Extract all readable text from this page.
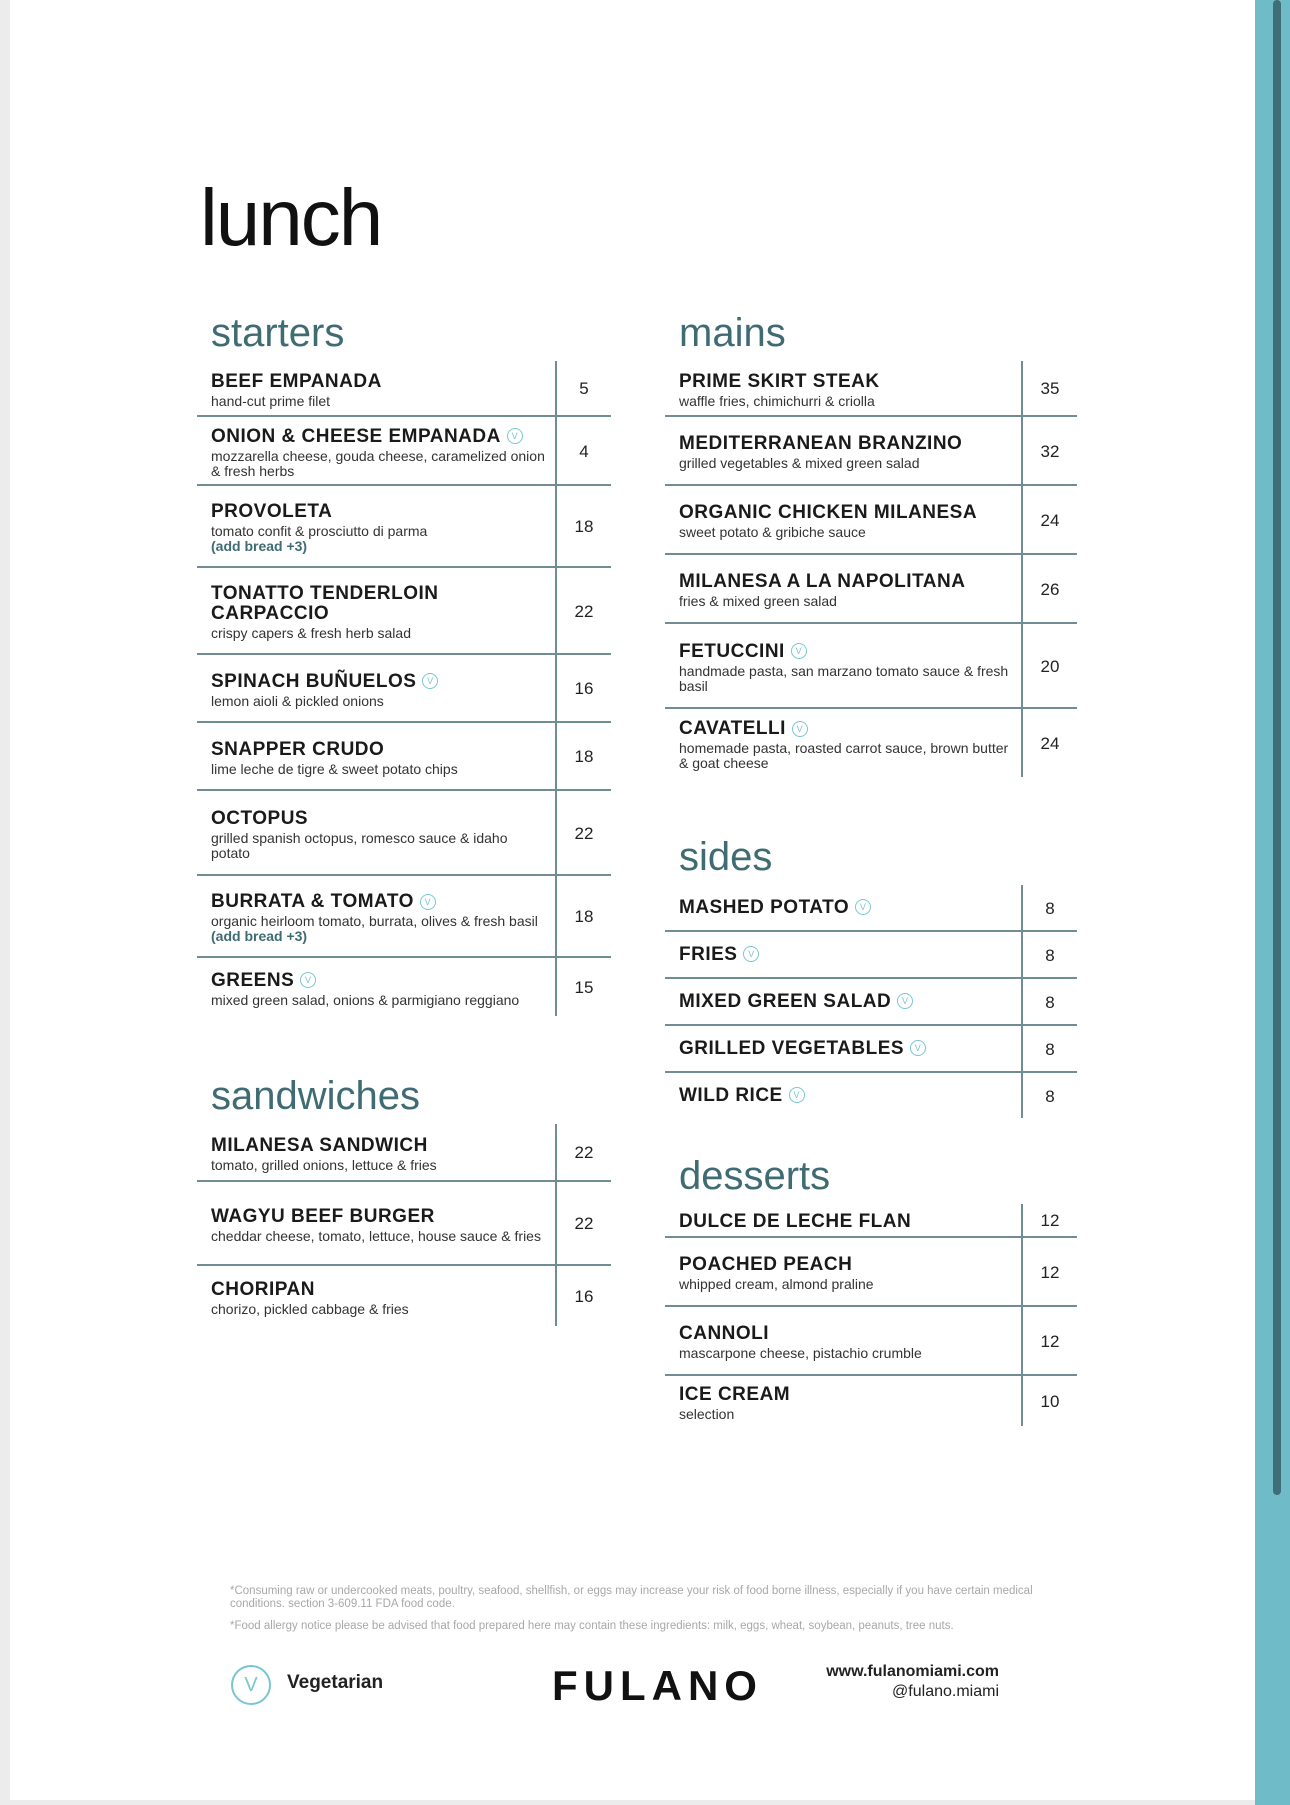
lunch
starters
BEEF EMPANADA
hand-cut prime filet
5
ONION & CHEESE EMPANADA V
mozzarella cheese, gouda cheese, caramelized onion & fresh herbs
4
PROVOLETA
tomato confit & prosciutto di parma
(add bread +3)
18
TONATTO TENDERLOIN CARPACCIO
crispy capers & fresh herb salad
22
SPINACH BUÑUELOS V
lemon aioli & pickled onions
16
SNAPPER CRUDO
lime leche de tigre & sweet potato chips
18
OCTOPUS
grilled spanish octopus, romesco sauce & idaho potato
22
BURRATA & TOMATO V
organic heirloom tomato, burrata, olives & fresh basil (add bread +3)
18
GREENS V
mixed green salad, onions & parmigiano reggiano
15
sandwiches
MILANESA SANDWICH
tomato, grilled onions, lettuce & fries
22
WAGYU BEEF BURGER
cheddar cheese, tomato, lettuce, house sauce & fries
22
CHORIPAN
chorizo, pickled cabbage & fries
16
mains
PRIME SKIRT STEAK
waffle fries, chimichurri & criolla
35
MEDITERRANEAN BRANZINO
grilled vegetables & mixed green salad
32
ORGANIC CHICKEN MILANESA
sweet potato & gribiche sauce
24
MILANESA A LA NAPOLITANA
fries & mixed green salad
26
FETUCCINI V
handmade pasta, san marzano tomato sauce & fresh basil
20
CAVATELLI V
homemade pasta, roasted carrot sauce, brown butter & goat cheese
24
sides
MASHED POTATO V	8
FRIES V	8
MIXED GREEN SALAD V	8
GRILLED VEGETABLES V	8
WILD RICE V	8
desserts
DULCE DE LECHE FLAN	12
POACHED PEACH
whipped cream, almond praline
12
CANNOLI
mascarpone cheese, pistachio crumble
12
ICE CREAM
selection
10

*Consuming raw or undercooked meats, poultry, seafood, shellfish, or eggs may increase your risk of food borne illness, especially if you have certain medical conditions. section 3-609.11 FDA food code.

*Food allergy notice please be advised that food prepared here may contain these ingredients: milk, eggs, wheat, soybean, peanuts, tree nuts.

V	Vegetarian	FULANO	www.fulanomiami.com
@fulano.miami
